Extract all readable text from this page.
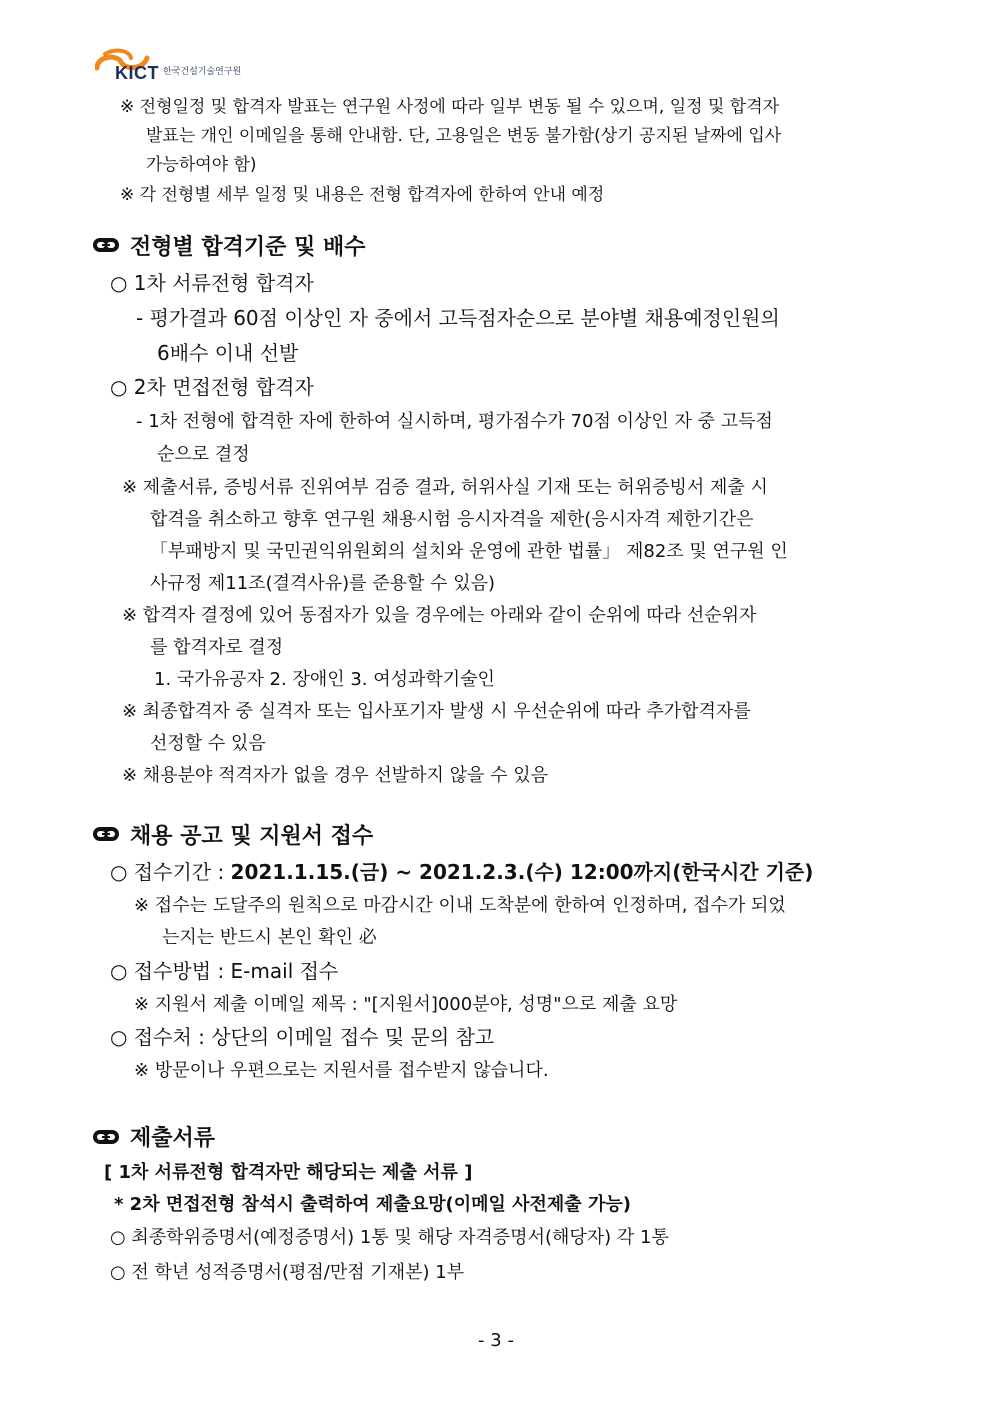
KICT 한국건설기술연구원
※ 전형일정 및 합격자 발표는 연구원 사정에 따라 일부 변동 될 수 있으며, 일정 및 합격자
발표는 개인 이메일을 통해 안내함. 단, 고용일은 변동 불가함(상기 공지된 날짜에 입사
가능하여야 함)
※ 각 전형별 세부 일정 및 내용은 전형 합격자에 한하여 안내 예정
전형별 합격기준 및 배수
○ 1차 서류전형 합격자
- 평가결과 60점 이상인 자 중에서 고득점자순으로 분야별 채용예정인원의
6배수 이내 선발
○ 2차 면접전형 합격자
- 1차 전형에 합격한 자에 한하여 실시하며, 평가점수가 70점 이상인 자 중 고득점
순으로 결정
※ 제출서류, 증빙서류 진위여부 검증 결과, 허위사실 기재 또는 허위증빙서 제출 시
합격을 취소하고 향후 연구원 채용시험 응시자격을 제한(응시자격 제한기간은
「부패방지 및 국민권익위원회의 설치와 운영에 관한 법률」 제82조 및 연구원 인
사규정 제11조(결격사유)를 준용할 수 있음)
※ 합격자 결정에 있어 동점자가 있을 경우에는 아래와 같이 순위에 따라 선순위자
를 합격자로 결정
1. 국가유공자 2. 장애인 3. 여성과학기술인
※ 최종합격자 중 실격자 또는 입사포기자 발생 시 우선순위에 따라 추가합격자를
선정할 수 있음
※ 채용분야 적격자가 없을 경우 선발하지 않을 수 있음
채용 공고 및 지원서 접수
○ 접수기간 : 2021.1.15.(금) ~ 2021.2.3.(수) 12:00까지(한국시간 기준)
※ 접수는 도달주의 원칙으로 마감시간 이내 도착분에 한하여 인정하며, 접수가 되었
는지는 반드시 본인 확인 必
○ 접수방법 : E-mail 접수
※ 지원서 제출 이메일 제목 : "[지원서]000분야, 성명"으로 제출 요망
○ 접수처 : 상단의 이메일 접수 및 문의 참고
※ 방문이나 우편으로는 지원서를 접수받지 않습니다.
제출서류
[ 1차 서류전형 합격자만 해당되는 제출 서류 ]
* 2차 면접전형 참석시 출력하여 제출요망(이메일 사전제출 가능)
○ 최종학위증명서(예정증명서) 1통 및 해당 자격증명서(해당자) 각 1통
○ 전 학년 성적증명서(평점/만점 기재본) 1부
- 3 -
